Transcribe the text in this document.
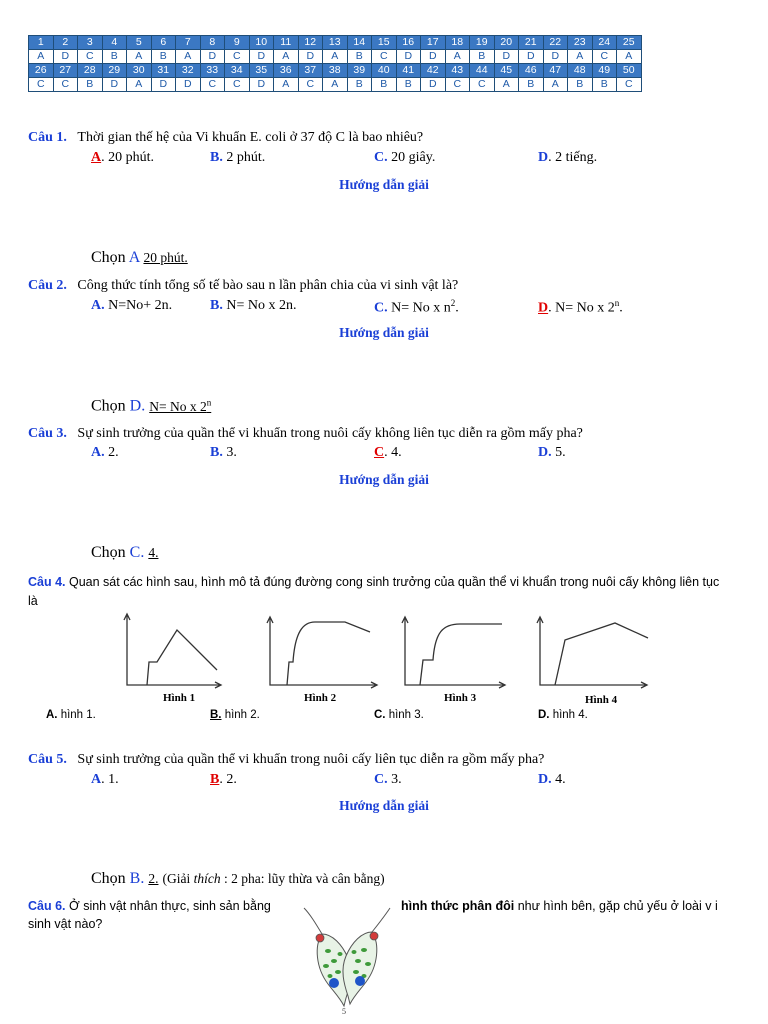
1	2	3	4	5	6	7	8	9	10	11	12	13	14	15	16	17	18	19	20	21	22	23	24	25
A	D	C	B	A	B	A	D	C	D	A	D	A	B	C	D	D	A	B	D	D	D	A	C	A
26	27	28	29	30	31	32	33	34	35	36	37	38	39	40	41	42	43	44	45	46	47	48	49	50
C	C	B	D	A	D	D	C	C	D	A	C	A	B	B	B	D	C	C	A	B	A	B	B	C
Câu 1. Thời gian thế hệ của Vi khuẩn E. coli ở 37 độ C là bao nhiêu?
A. 20 phút.	B. 2 phút.	C. 20 giây.	D. 2 tiếng.
Hướng dẫn giải
Chọn A 20 phút.
Câu 2. Công thức tính tổng số tế bào sau n lần phân chia của vi sinh vật là?
A. N=No+ 2n.	B. N= No x 2n.	C. N= No x $n^2$.	D. N= No x 2$^n$.
Hướng dẫn giải
Chọn D. N= No x 2$^n$
Câu 3. Sự sinh trưởng của quần thể vi khuẩn trong nuôi cấy không liên tục diễn ra gồm mấy pha?
A. 2.	B. 3.	C. 4.	D. 5.
Hướng dẫn giải
Chọn C. 4.
Câu 4. Quan sát các hình sau, hình mô tả đúng đường cong sinh trưởng của quần thể vi khuẩn trong nuôi cấy không liên tục là
Hình 1	Hình 2	Hình 3	Hình 4
A. hình 1.	B. hình 2.	C. hình 3.	D. hình 4.
Câu 5. Sự sinh trưởng của quần thể vi khuẩn trong nuôi cấy liên tục diễn ra gồm mấy pha?
A. 1.	B. 2.	C. 3.	D. 4.
Hướng dẫn giải
Chọn B. 2. (Giải thích : 2 pha: lũy thừa và cân bằng)
Câu 6. Ở sinh vật nhân thực, sinh sản bằng	hình thức phân đôi như hình bên, gặp chủ yếu ở loài v i
sinh vật nào?
5
